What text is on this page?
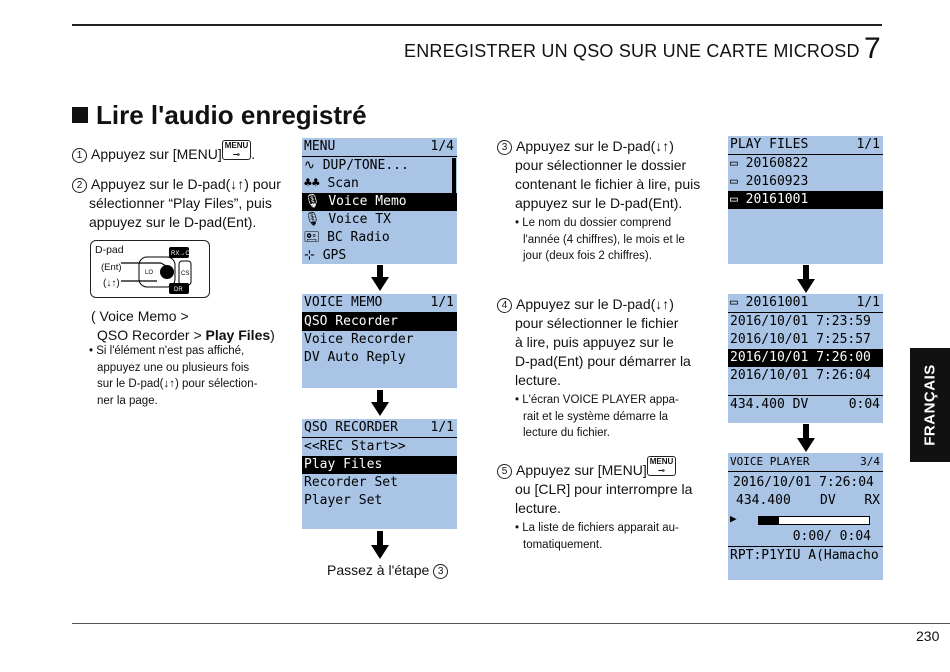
ENREGISTRER UN QSO SUR UNE CARTE MICROSD 7
Lire l'audio enregistré
1 Appuyez sur [MENU]MENU
⊸ .
2 Appuyez sur le D-pad(↓↑) pour
sélectionner “Play Files”, puis
appuyez sur le D-pad(Ent).
D-pad
(Ent)
(↓↑)
LO
RX→CS
DR
CS
( Voice Memo >
QSO Recorder > Play Files)
• Si l'élément n'est pas affiché,
appuyez une ou plusieurs fois
sur le D-pad(↓↑) pour sélection-
ner la page.
MENU	1/4
∿ DUP/TONE...
♣♣ Scan
🎙 Voice Memo
🎙 Voice TX
🖭 BC Radio
⊹ GPS
VOICE MEMO	1/1
QSO Recorder
Voice Recorder
DV Auto Reply
QSO RECORDER	1/1
<<REC Start>>
Play Files
Recorder Set
Player Set
Passez à l'étape 3
3 Appuyez sur le D-pad(↓↑)
pour sélectionner le dossier
contenant le fichier à lire, puis
appuyez sur le D-pad(Ent).
• Le nom du dossier comprend
l'année (4 chiffres), le mois et le
jour (deux fois 2 chiffres).
4 Appuyez sur le D-pad(↓↑)
pour sélectionner le fichier
à lire, puis appuyez sur le
D-pad(Ent) pour démarrer la
lecture.
• L'écran VOICE PLAYER appa-
rait et le système démarre la
lecture du fichier.
5 Appuyez sur [MENU]MENU
⊸
ou [CLR] pour interrompre la
lecture.
• La liste de fichiers apparait au-
tomatiquement.
PLAY FILES	1/1
▭ 20160822
▭ 20160923
▭ 20161001
▭ 20161001	1/1
2016/10/01 7:23:59
2016/10/01 7:25:57
2016/10/01 7:26:00
2016/10/01 7:26:04
434.400 DV	0:04
VOICE PLAYER	3/4
2016/10/01 7:26:04
434.400 DV RX
▶
0:00/ 0:04
RPT:P1YIU A(Hamacho
FRANÇAIS
230
